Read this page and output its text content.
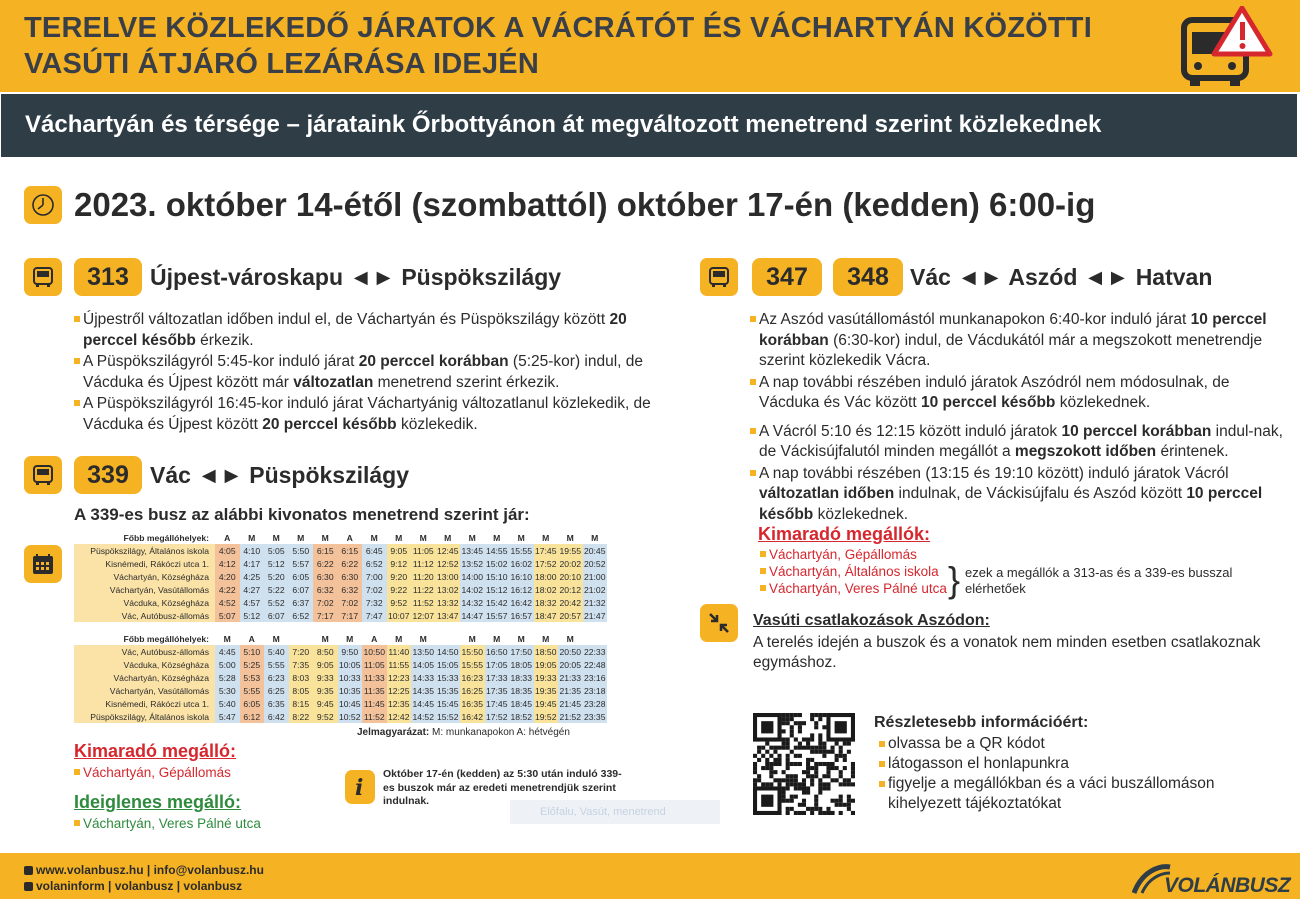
TERELVE KÖZLEKEDŐ JÁRATOK A VÁCRÁTÓT ÉS VÁCHARTYÁN KÖZÖTTI VASÚTI ÁTJÁRÓ LEZÁRÁSA IDEJÉN
Váchartyán és térsége – járataink Őrbottyánon át megváltozott menetrend szerint közlekednek
2023. október 14-étől (szombattól) október 17-én (kedden) 6:00-ig
313 Újpest-városkapu ◄► Püspökszilágy
Újpestről változatlan időben indul el, de Váchartyán és Püspökszilágy között 20 perccel később érkezik.
A Püspökszilágyról 5:45-kor induló járat 20 perccel korábban (5:25-kor) indul, de Vácduka és Újpest között már változatlan menetrend szerint érkezik.
A Püspökszilágyról 16:45-kor induló járat Váchartyánig változatlanul közlekedik, de Vácduka és Újpest között 20 perccel később közlekedik.
339 Vác ◄► Püspökszilágy
A 339-es busz az alábbi kivonatos menetrend szerint jár:
Főbb megállóhelyek:	A	M	M	M	M	A	M	M	M	M	M	M	M	M	M	M
Püspökszilágy, Általános iskola	4:05	4:10	5:05	5:50	6:15	6:15	6:45	9:05	11:05	12:45	13:45	14:55	15:55	17:45	19:55	20:45
Kisnémedi, Rákóczi utca 1.	4:12	4:17	5:12	5:57	6:22	6:22	6:52	9:12	11:12	12:52	13:52	15:02	16:02	17:52	20:02	20:52
Váchartyán, Községháza	4:20	4:25	5:20	6:05	6:30	6:30	7:00	9:20	11:20	13:00	14:00	15:10	16:10	18:00	20:10	21:00
Váchartyán, Vasútállomás	4:22	4:27	5:22	6:07	6:32	6:32	7:02	9:22	11:22	13:02	14:02	15:12	16:12	18:02	20:12	21:02
Vácduka, Községháza	4:52	4:57	5:52	6:37	7:02	7:02	7:32	9:52	11:52	13:32	14:32	15:42	16:42	18:32	20:42	21:32
Vác, Autóbusz-állomás	5:07	5:12	6:07	6:52	7:17	7:17	7:47	10:07	12:07	13:47	14:47	15:57	16:57	18:47	20:57	21:47
Főbb megállóhelyek:	M	A	M		M	M	A	M	M		M	M	M	M	M	
Vác, Autóbusz-állomás	4:45	5:10	5:40	7:20	8:50	9:50	10:50	11:40	13:50	14:50	15:50	16:50	17:50	18:50	20:50	22:33
Vácduka, Községháza	5:00	5:25	5:55	7:35	9:05	10:05	11:05	11:55	14:05	15:05	15:55	17:05	18:05	19:05	20:05	22:48
Váchartyán, Községháza	5:28	5:53	6:23	8:03	9:33	10:33	11:33	12:23	14:33	15:33	16:23	17:33	18:33	19:33	21:33	23:16
Váchartyán, Vasútállomás	5:30	5:55	6:25	8:05	9:35	10:35	11:35	12:25	14:35	15:35	16:25	17:35	18:35	19:35	21:35	23:18
Kisnémedi, Rákóczi utca 1.	5:40	6:05	6:35	8:15	9:45	10:45	11:45	12:35	14:45	15:45	16:35	17:45	18:45	19:45	21:45	23:28
Püspökszilágy, Általános iskola	5:47	6:12	6:42	8:22	9:52	10:52	11:52	12:42	14:52	15:52	16:42	17:52	18:52	19:52	21:52	23:35
Jelmagyarázat: M: munkanapokon A: hétvégén
Kimaradó megálló:
Váchartyán, Gépállomás
Ideiglenes megálló:
Váchartyán, Veres Pálné utca
i
Október 17-én (kedden) az 5:30 után induló 339-es buszok már az eredeti menetrendjük szerint indulnak.
Előfalu, Vasút, menetrend
347	348 Vác ◄► Aszód ◄► Hatvan
Az Aszód vasútállomástól munkanapokon 6:40-kor induló járat 10 perccel korábban (6:30-kor) indul, de Vácdukától már a megszokott menetrendje szerint közlekedik Vácra.
A nap további részében induló járatok Aszódról nem módosulnak, de Vácduka és Vác között 10 perccel később közlekednek.
A Vácról 5:10 és 12:15 között induló járatok 10 perccel korábban indul-nak, de Váckisújfalutól minden megállót a megszokott időben érintenek.
A nap további részében (13:15 és 19:10 között) induló járatok Vácról változatlan időben indulnak, de Váckisújfalu és Aszód között 10 perccel később közlekednek.
Kimaradó megállók:
Váchartyán, Gépállomás
Váchartyán, Általános iskola
Váchartyán, Veres Pálné utca } ezek a megállók a 313-as és a 339-es busszal elérhetőek
Vasúti csatlakozások Aszódon:

A terelés idején a buszok és a vonatok nem minden esetben csatlakoznak egymáshoz.

Részletesebb információért:
olvassa be a QR kódot
látogasson el honlapunkra
figyelje a megállókban és a váci buszállomáson kihelyezett tájékoztatókat
www.volanbusz.hu | info@volanbusz.hu
volaninform | volanbusz | volanbusz	VOLÁNBUSZ
